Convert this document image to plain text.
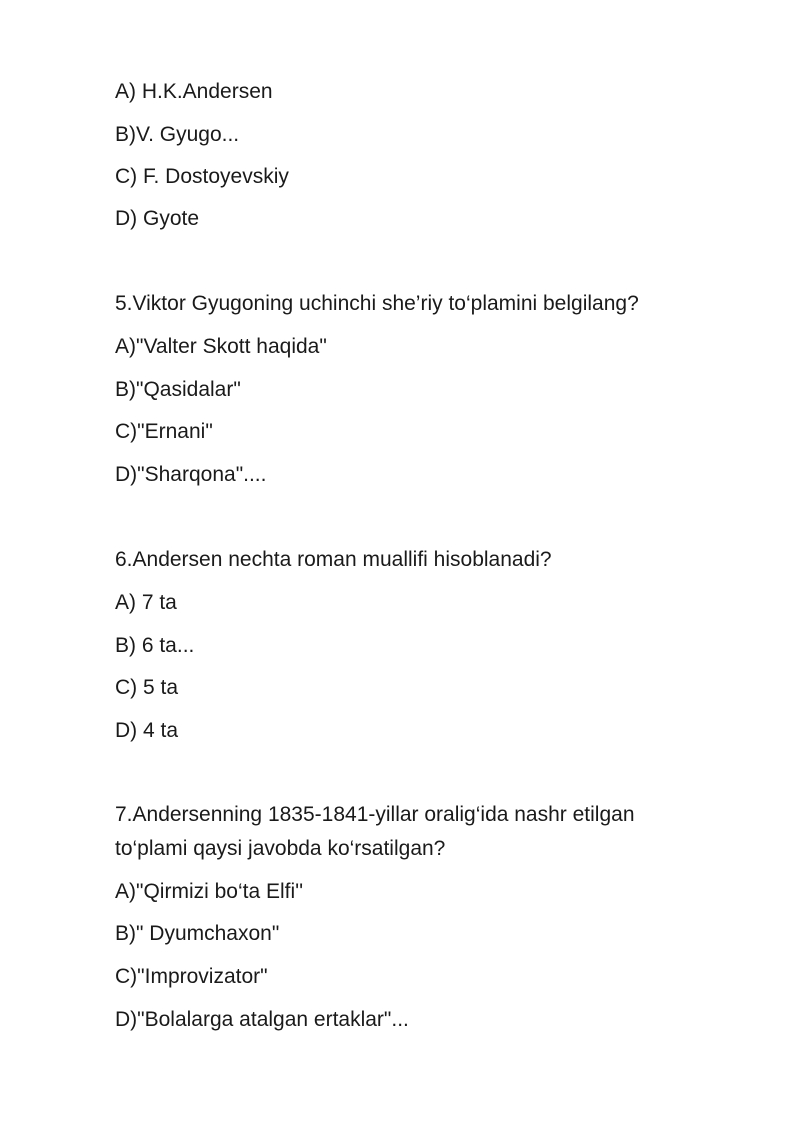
A) H.K.Andersen
B)V. Gyugo...
C) F. Dostoyevskiy
D) Gyote
5.Viktor Gyugoning uchinchi she’riy to‘plamini belgilang?
A)"Valter Skott haqida"
B)"Qasidalar"
C)"Ernani"
D)"Sharqona"....
6.Andersen nechta roman muallifi hisoblanadi?
A) 7 ta
B) 6 ta...
C) 5 ta
D) 4 ta
7.Andersenning 1835-1841-yillar oralig‘ida nashr etilgan to‘plami qaysi javobda ko‘rsatilgan?
A)"Qirmizi bo‘ta Elfi''
B)" Dyumchaxon"
C)"Improvizator"
D)"Bolalarga atalgan ertaklar"...
